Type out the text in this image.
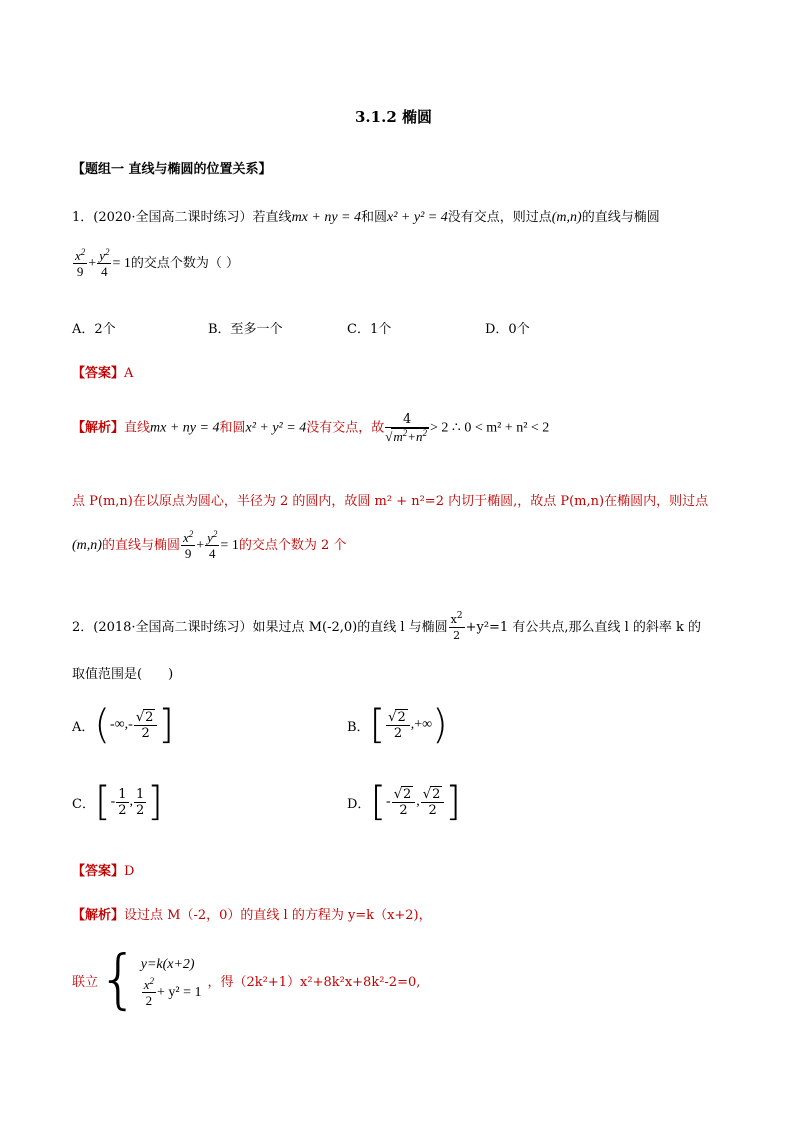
3.1.2 椭圆
【题组一 直线与椭圆的位置关系】
1．(2020·全国高二课时练习）若直线mx + ny = 4和圆x² + y² = 4没有交点，则过点(m,n)的直线与椭圆
$\frac{x^2}{9} + \frac{y^2}{4} = 1$的交点个数为（ ）
A．2个	B．至多一个	C．1个	D．0个
【答案】A
【解析】直线mx + ny = 4和圆x² + y² = 4没有交点，故 $\frac{4}{√m^2+n^2} > 2$ ∴ 0 < m² + n² < 2
点 P(m,n)在以原点为圆心，半径为 2 的圆内，故圆 m² + n²=2 内切于椭圆,，故点 P(m,n)在椭圆内，则过点
(m,n)的直线与椭圆 $\frac{x^2}{9} + \frac{y^2}{4} = 1$的交点个数为 2 个
2．(2018·全国高二课时练习）如果过点 M(-2,0)的直线 l 与椭圆 $\frac{x^2}{2} +y^2=1$ 有公共点,那么直线 l 的斜率 k 的
取值范围是(　　)
A．(-∞,- $\frac{√2}{2}$ ]	B．[ $\frac{√2}{2}$ ,+∞)
C．[- $\frac{1}{2}$ , $\frac{1}{2}$ ]	D．[- $\frac{√2}{2}$ , $\frac{√2}{2}$ ]
【答案】D
【解析】设过点 M（-2，0）的直线 l 的方程为 y=k（x+2)，
联立{ y=k(x+2)
$\frac{x^2}{2} + y^2 = 1$
，得（2k²+1）x²+8k²x+8k²-2=0,
